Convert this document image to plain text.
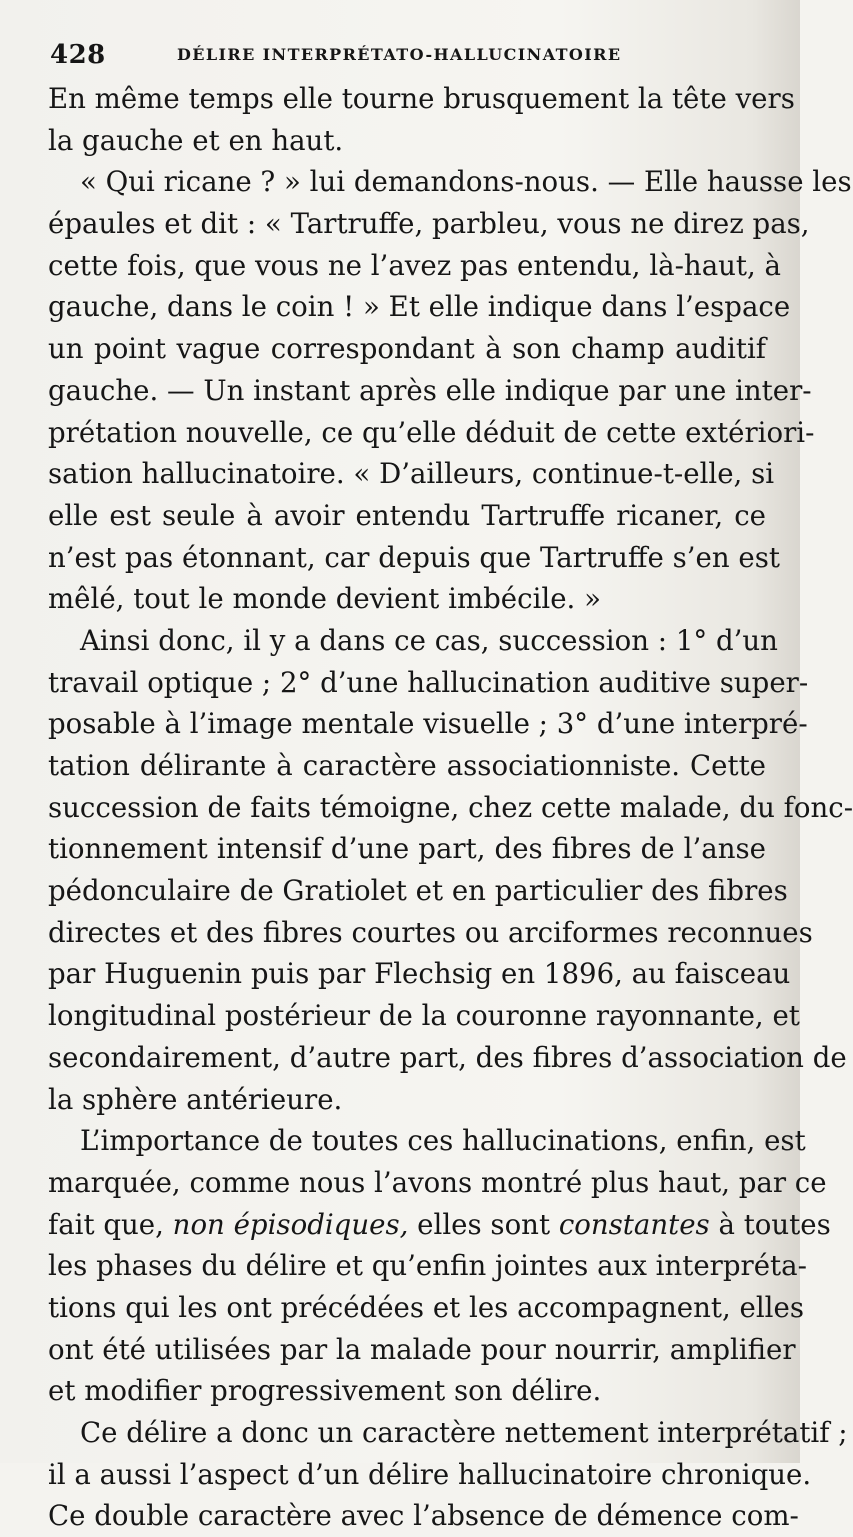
428	DÉLIRE INTERPRÉTATO-HALLUCINATOIRE
En même temps elle tourne brusquement la tête vers
la gauche et en haut.
« Qui ricane ? » lui demandons-nous. — Elle hausse les
épaules et dit : « Tartruffe, parbleu, vous ne direz pas,
cette fois, que vous ne l’avez pas entendu, là-haut, à
gauche, dans le coin ! » Et elle indique dans l’espace
un point vague correspondant à son champ auditif
gauche. — Un instant après elle indique par une inter-
prétation nouvelle, ce qu’elle déduit de cette extériori-
sation hallucinatoire. « D’ailleurs, continue-t-elle, si
elle est seule à avoir entendu Tartruffe ricaner, ce
n’est pas étonnant, car depuis que Tartruffe s’en est
mêlé, tout le monde devient imbécile. »
Ainsi donc, il y a dans ce cas, succession : 1° d’un
travail optique ; 2° d’une hallucination auditive super-
posable à l’image mentale visuelle ; 3° d’une interpré-
tation délirante à caractère associationniste. Cette
succession de faits témoigne, chez cette malade, du fonc-
tionnement intensif d’une part, des fibres de l’anse
pédonculaire de Gratiolet et en particulier des fibres
directes et des fibres courtes ou arciformes reconnues
par Huguenin puis par Flechsig en 1896, au faisceau
longitudinal postérieur de la couronne rayonnante, et
secondairement, d’autre part, des fibres d’association de
la sphère antérieure.
L’importance de toutes ces hallucinations, enfin, est
marquée, comme nous l’avons montré plus haut, par ce
fait que, non épisodiques, elles sont constantes à toutes
les phases du délire et qu’enfin jointes aux interpréta-
tions qui les ont précédées et les accompagnent, elles
ont été utilisées par la malade pour nourrir, amplifier
et modifier progressivement son délire.
Ce délire a donc un caractère nettement interprétatif ;
il a aussi l’aspect d’un délire hallucinatoire chronique.
Ce double caractère avec l’absence de démence com-
